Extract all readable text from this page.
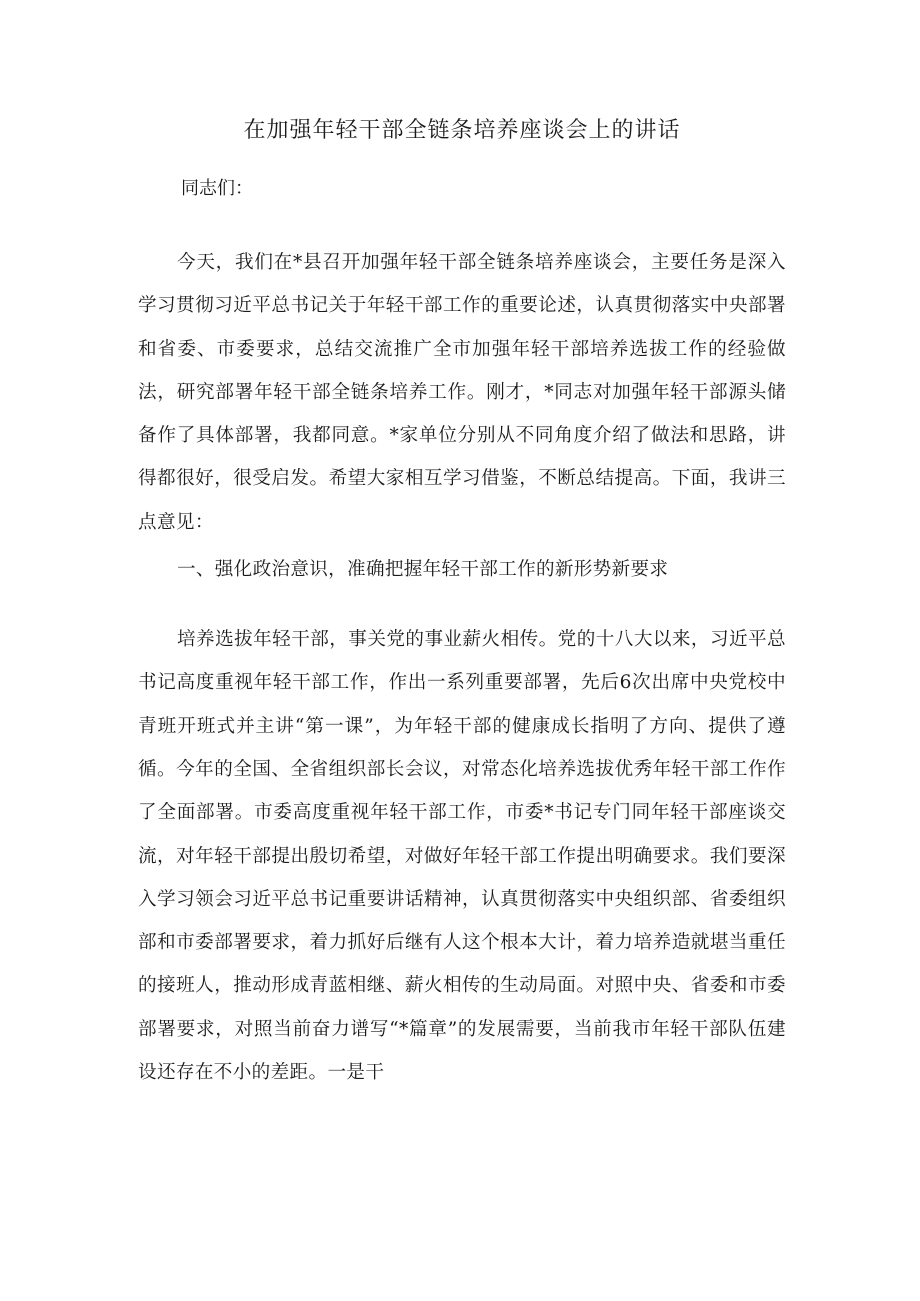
在加强年轻干部全链条培养座谈会上的讲话

同志们：

今天，我们在*县召开加强年轻干部全链条培养座谈会，主要任务是深入学习贯彻习近平总书记关于年轻干部工作的重要论述，认真贯彻落实中央部署和省委、市委要求，总结交流推广全市加强年轻干部培养选拔工作的经验做法，研究部署年轻干部全链条培养工作。刚才，*同志对加强年轻干部源头储备作了具体部署，我都同意。*家单位分别从不同角度介绍了做法和思路，讲得都很好，很受启发。希望大家相互学习借鉴，不断总结提高。下面，我讲三点意见：

一、强化政治意识，准确把握年轻干部工作的新形势新要求

培养选拔年轻干部，事关党的事业薪火相传。党的十八大以来，习近平总书记高度重视年轻干部工作，作出一系列重要部署，先后6次出席中央党校中青班开班式并主讲“第一课”，为年轻干部的健康成长指明了方向、提供了遵循。今年的全国、全省组织部长会议，对常态化培养选拔优秀年轻干部工作作了全面部署。市委高度重视年轻干部工作，市委*书记专门同年轻干部座谈交流，对年轻干部提出殷切希望，对做好年轻干部工作提出明确要求。我们要深入学习领会习近平总书记重要讲话精神，认真贯彻落实中央组织部、省委组织部和市委部署要求，着力抓好后继有人这个根本大计，着力培养造就堪当重任的接班人，推动形成青蓝相继、薪火相传的生动局面。对照中央、省委和市委部署要求，对照当前奋力谱写“*篇章”的发展需要，当前我市年轻干部队伍建设还存在不小的差距。一是干
